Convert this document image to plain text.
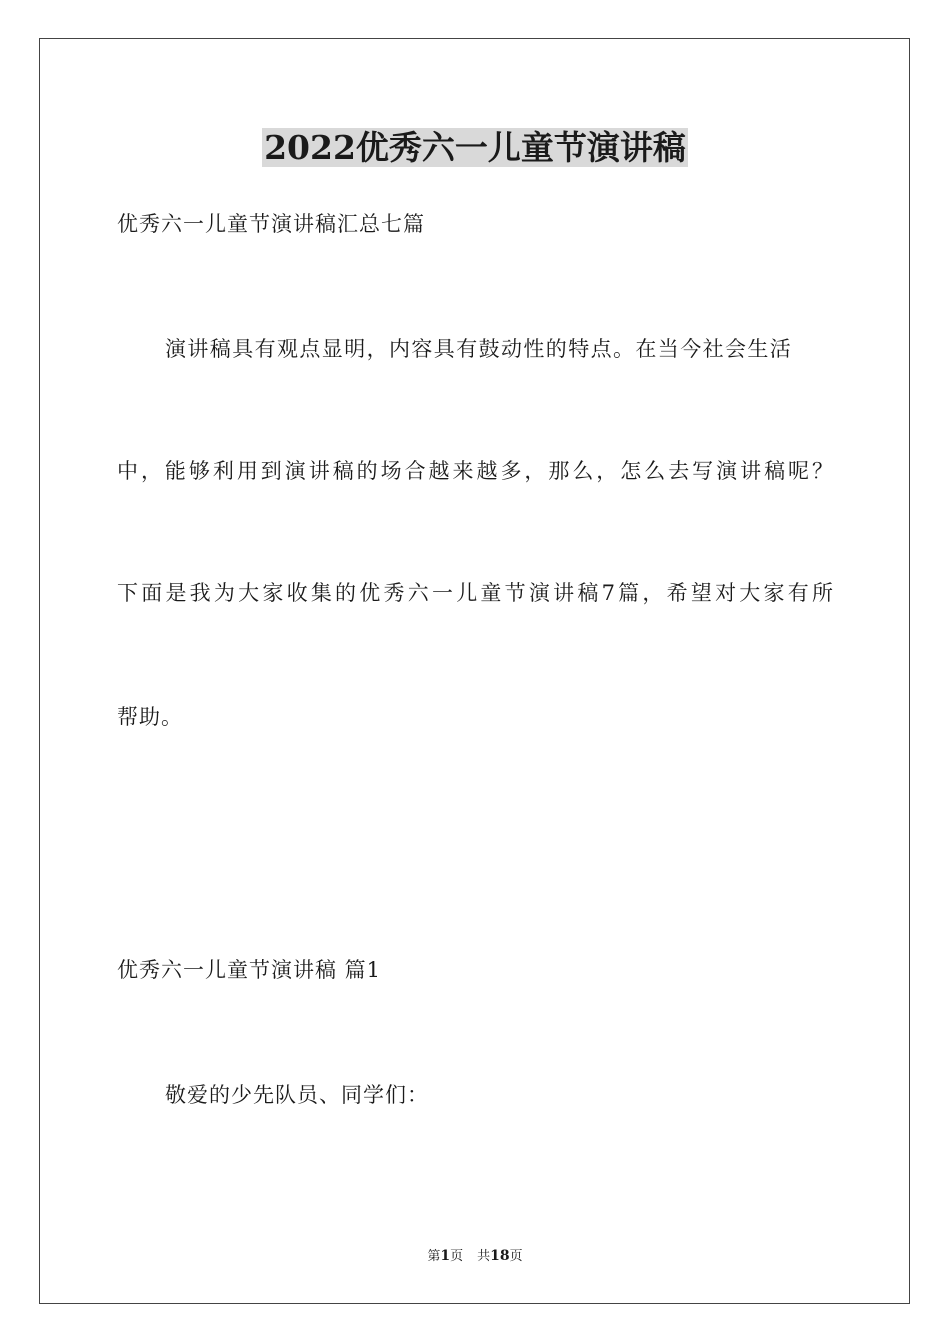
2022优秀六一儿童节演讲稿
优秀六一儿童节演讲稿汇总七篇
演讲稿具有观点显明，内容具有鼓动性的特点。在当今社会生活
中，能够利用到演讲稿的场合越来越多，那么，怎么去写演讲稿呢？
下面是我为大家收集的优秀六一儿童节演讲稿7篇，希望对大家有所
帮助。
优秀六一儿童节演讲稿 篇1
敬爱的少先队员、同学们：
第1页 共18页
